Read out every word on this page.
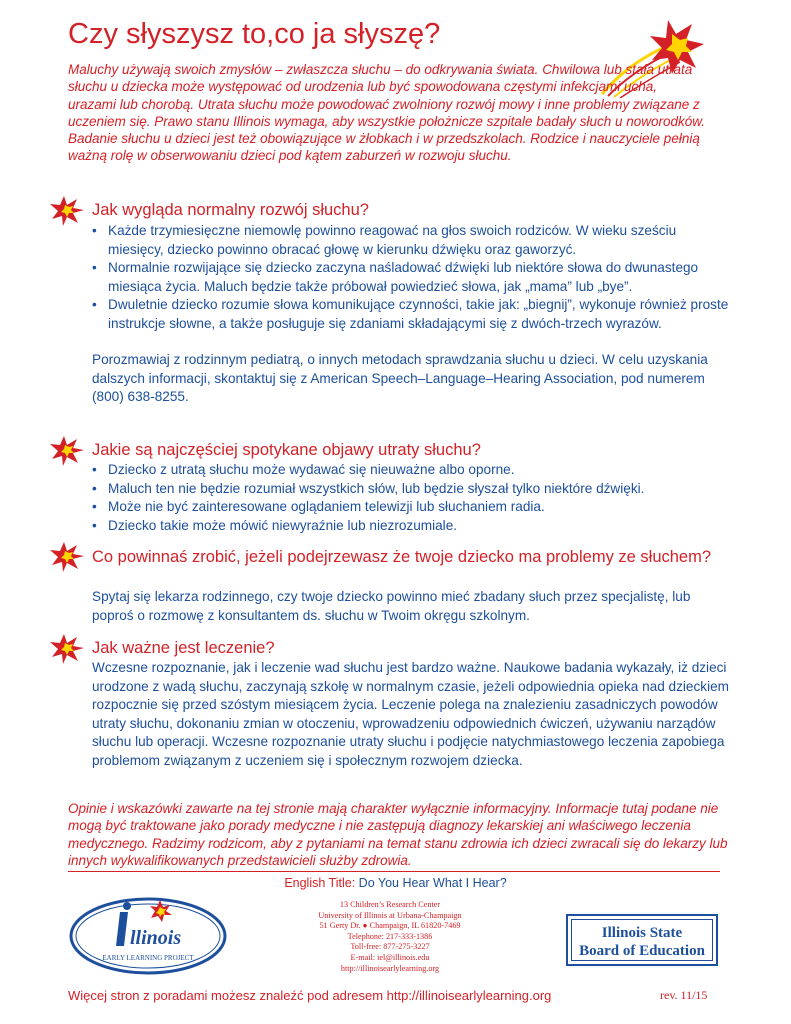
Czy słyszysz to,co ja słyszę?

Maluchy używają swoich zmysłów – zwłaszcza słuchu – do odkrywania świata. Chwilowa lub stała utrata słuchu u dziecka może występować od urodzenia lub być spowodowana częstymi infekcjami ucha, urazami lub chorobą. Utrata słuchu może powodować zwolniony rozwój mowy i inne problemy związane z uczeniem się. Prawo stanu Illinois wymaga, aby wszystkie położnicze szpitale badały słuch u noworodków. Badanie słuchu u dzieci jest też obowiązujące w żłobkach i w przedszkolach. Rodzice i nauczyciele pełnią ważną rolę w obserwowaniu dzieci pod kątem zaburzeń w rozwoju słuchu.

Jak wygląda normalny rozwój słuchu?
• Każde trzymiesięczne niemowlę powinno reagować na głos swoich rodziców. W wieku sześciu miesięcy, dziecko powinno obracać głowę w kierunku dźwięku oraz gaworzyć.
• Normalnie rozwijające się dziecko zaczyna naśladować dźwięki lub niektóre słowa do dwunastego miesiąca życia. Maluch będzie także próbował powiedzieć słowa, jak „mama” lub „bye”.
• Dwuletnie dziecko rozumie słowa komunikujące czynności, takie jak: „biegnij”, wykonuje również proste instrukcje słowne, a także posługuje się zdaniami składającymi się z dwóch-trzech wyrazów.

Porozmawiaj z rodzinnym pediatrą, o innych metodach sprawdzania słuchu u dzieci. W celu uzyskania dalszych informacji, skontaktuj się z American Speech–Language–Hearing Association, pod numerem (800) 638-8255.

Jakie są najczęściej spotykane objawy utraty słuchu?
• Dziecko z utratą słuchu może wydawać się nieuważne albo oporne.
• Maluch ten nie będzie rozumiał wszystkich słów, lub będzie słyszał tylko niektóre dźwięki.
• Może nie być zainteresowane oglądaniem telewizji lub słuchaniem radia.
• Dziecko takie może mówić niewyraźnie lub niezrozumiale.
Co powinnaś zrobić, jeżeli podejrzewasz że twoje dziecko ma problemy ze słuchem?

Spytaj się lekarza rodzinnego, czy twoje dziecko powinno mieć zbadany słuch przez specjalistę, lub poproś o rozmowę z konsultantem ds. słuchu w Twoim okręgu szkolnym.

Jak ważne jest leczenie?

Wczesne rozpoznanie, jak i leczenie wad słuchu jest bardzo ważne. Naukowe badania wykazały, iż dzieci urodzone z wadą słuchu, zaczynają szkołę w normalnym czasie, jeżeli odpowiednia opieka nad dzieckiem rozpocznie się przed szóstym miesiącem życia. Leczenie polega na znalezieniu zasadniczych powodów utraty słuchu, dokonaniu zmian w otoczeniu, wprowadzeniu odpowiednich ćwiczeń, używaniu narządów słuchu lub operacji. Wczesne rozpoznanie utraty słuchu i podjęcie natychmiastowego leczenia zapobiega problemom związanym z uczeniem się i społecznym rozwojem dziecka.

Opinie i wskazówki zawarte na tej stronie mają charakter wyłącznie informacyjny. Informacje tutaj podane nie mogą być traktowane jako porady medyczne i nie zastępują diagnozy lekarskiej ani właściwego leczenia medycznego. Radzimy rodzicom, aby z pytaniami na temat stanu zdrowia ich dzieci zwracali się do lekarzy lub innych wykwalifikowanych przedstawicieli służby zdrowia.

English Title: Do You Hear What I Hear?
llinois
EARLY LEARNING PROJECT
13 Children’s Research Center
University of Illinois at Urbana-Champaign
51 Gerty Dr. ● Champaign, IL 61820-7469
Telephone: 217-333-1386
Toll-free: 877-275-3227
E-mail: iel@illinois.edu
http://illinoisearlylearning.org
Illinois State
Board of Education
Więcej stron z poradami możesz znaleźć pod adresem http://illinoisearlylearning.org	rev. 11/15
